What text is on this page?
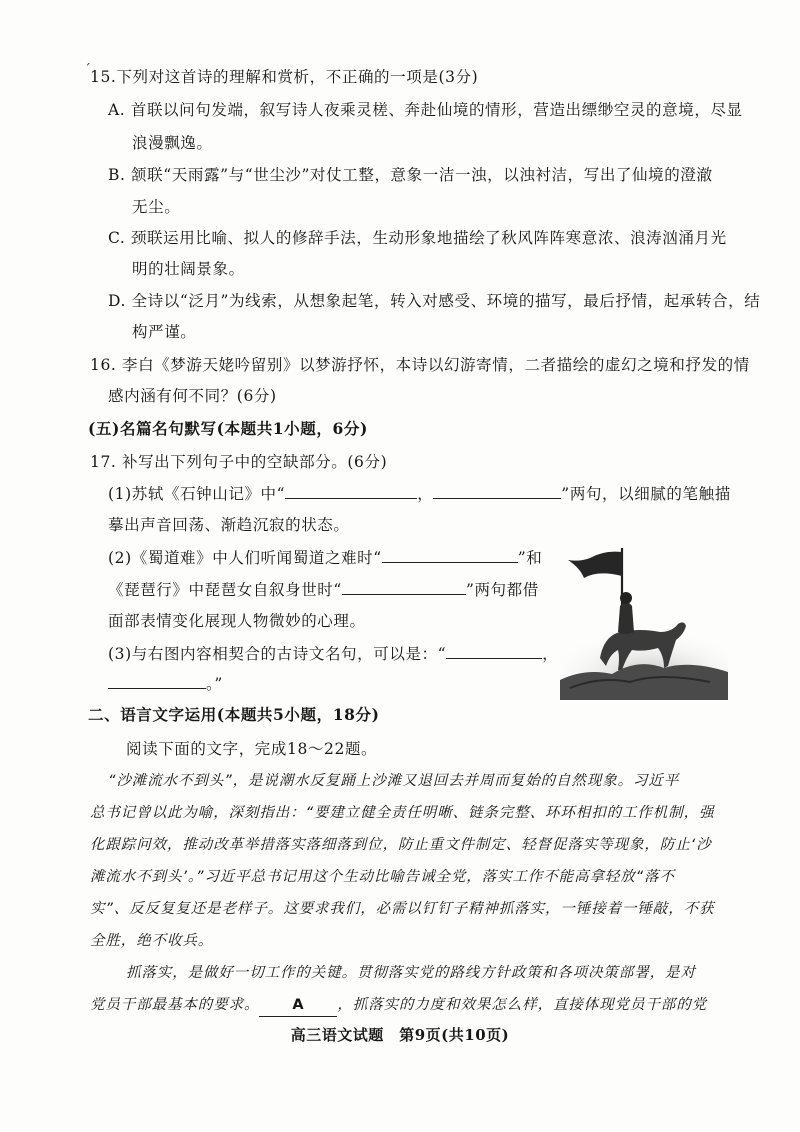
ˊ 15.下列对这首诗的理解和赏析，不正确的一项是(3分)
A. 首联以问句发端，叙写诗人夜乘灵槎、奔赴仙境的情形，营造出缥缈空灵的意境，尽显
浪漫飘逸。
B. 颔联“天雨露”与“世尘沙”对仗工整，意象一洁一浊，以浊衬洁，写出了仙境的澄澈
无尘。
C. 颈联运用比喻、拟人的修辞手法，生动形象地描绘了秋风阵阵寒意浓、浪涛汹涌月光
明的壮阔景象。
D. 全诗以“泛月”为线索，从想象起笔，转入对感受、环境的描写，最后抒情，起承转合，结
构严谨。
16. 李白《梦游天姥吟留别》以梦游抒怀，本诗以幻游寄情，二者描绘的虚幻之境和抒发的情
感内涵有何不同？(6分)
(五)名篇名句默写(本题共1小题，6分)
17. 补写出下列句子中的空缺部分。(6分)
(1)苏轼《石钟山记》中“	，	”两句，以细腻的笔触描
摹出声音回荡、渐趋沉寂的状态。
(2)《蜀道难》中人们听闻蜀道之难时“	”和
《琵琶行》中琵琶女自叙身世时“	”两句都借
面部表情变化展现人物微妙的心理。
(3)与右图内容相契合的古诗文名句，可以是：“	，
。”
二、语言文字运用(本题共5小题，18分)
阅读下面的文字，完成18～22题。
“沙滩流水不到头”，是说潮水反复踊上沙滩又退回去并周而复始的自然现象。习近平
总书记曾以此为喻，深刻指出：“要建立健全责任明晰、链条完整、环环相扣的工作机制，强
化跟踪问效，推动改革举措落实落细落到位，防止重文件制定、轻督促落实等现象，防止‘沙
滩流水不到头’。”习近平总书记用这个生动比喻告诫全党，落实工作不能高拿轻放“落不
实”、反反复复还是老样子。这要求我们，必需以钉钉子精神抓落实，一锤接着一锤敲，不获
全胜，绝不收兵。
抓落实，是做好一切工作的关键。贯彻落实党的路线方针政策和各项决策部署，是对
党员干部最基本的要求。 A ，抓落实的力度和效果怎么样，直接体现党员干部的党
高三语文试题　第9页(共10页)
